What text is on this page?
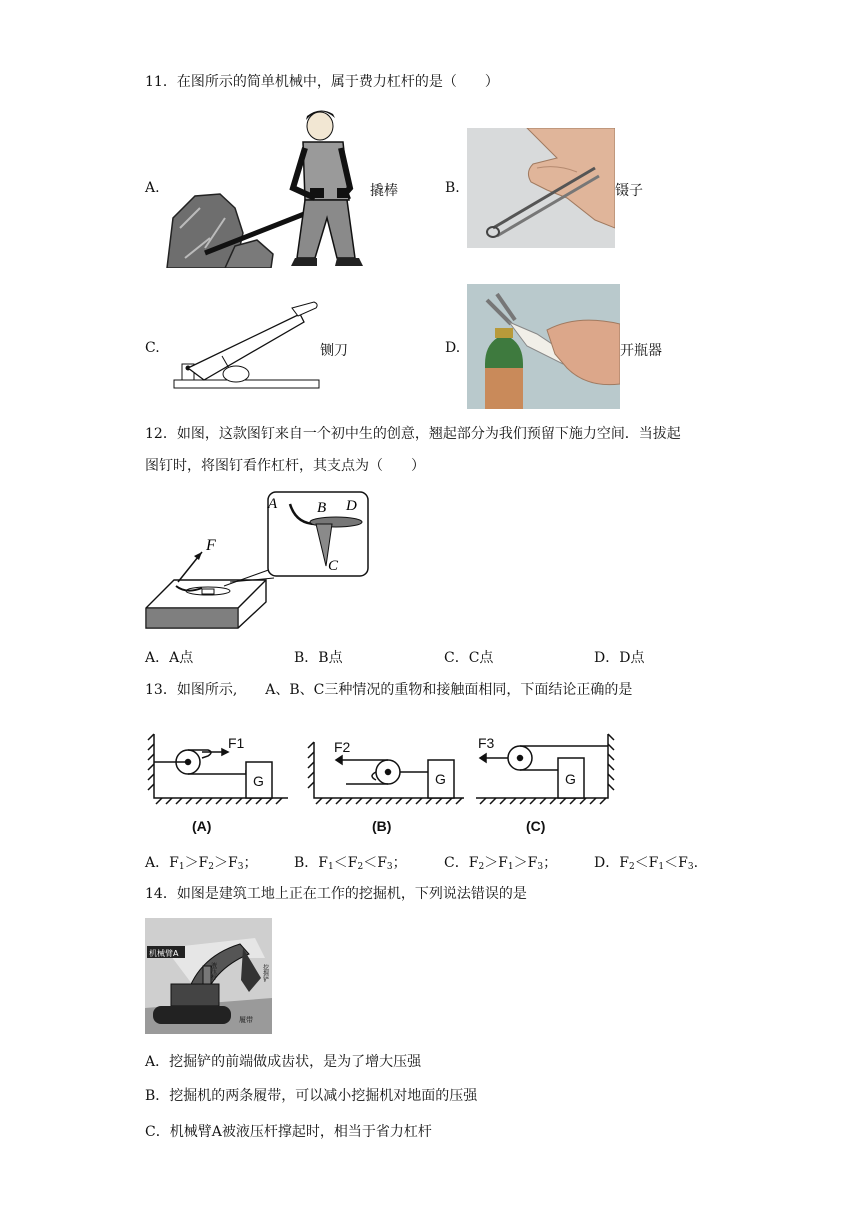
11．在图所示的简单机械中，属于费力杠杆的是（　　）
A.	撬棒	B.	镊子
C.	铡刀	D.	开瓶器
12．如图，这款图钉来自一个初中生的创意，翘起部分为我们预留下施力空间．当拔起
图钉时，将图钉看作杠杆，其支点为（　　）
F
A	B D
C
A．A点	B．B点	C．C点	D．D点
13．如图所示,　　A、B、C三种情况的重物和接触面相同，下面结论正确的是
F1	F2	F3
G	G	G
(A)	(B)	(C)
A．$F_1>F_2>F_3$；	B．$F_1<F_2<F_3$；	C．$F_2>F_1>F_3$；	D．$F_2<F_1<F_3$.
14．如图是建筑工地上正在工作的挖掘机，下列说法错误的是
机械臂A
液压杆	挖掘铲
履带
A．挖掘铲的前端做成齿状，是为了增大压强
B．挖掘机的两条履带，可以减小挖掘机对地面的压强
C．机械臂A被液压杆撑起时，相当于省力杠杆
